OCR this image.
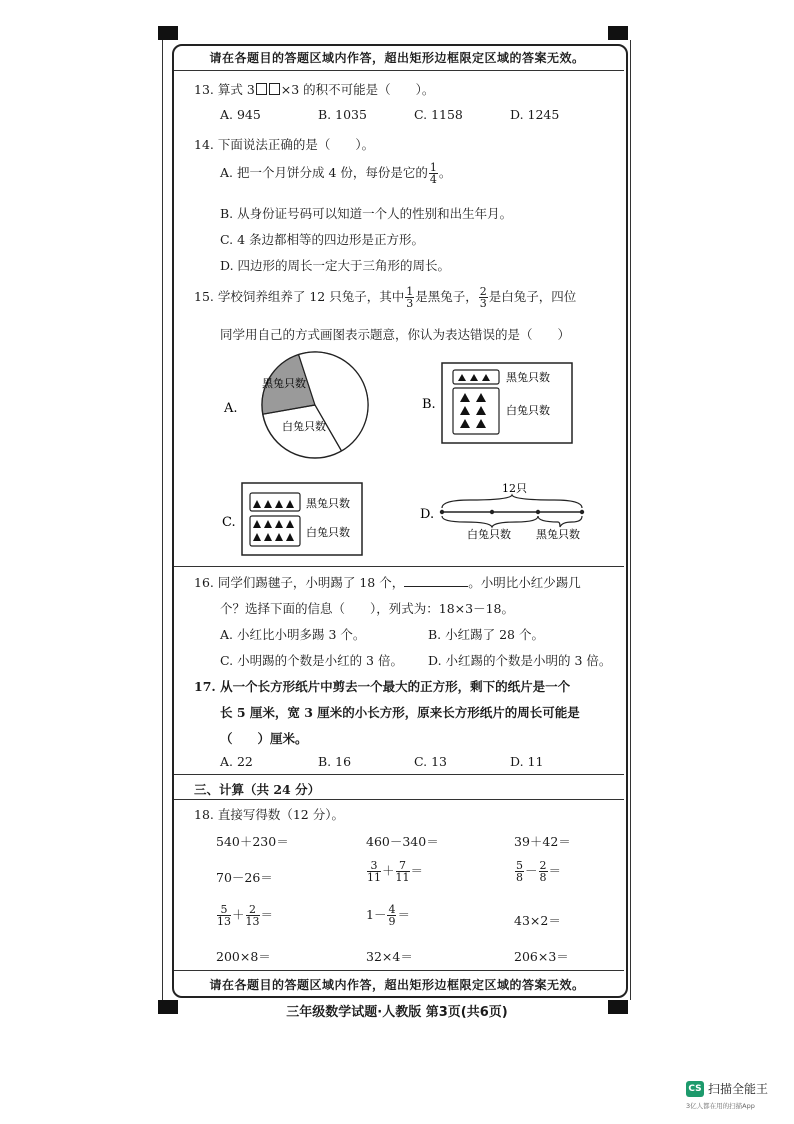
请在各题目的答题区域内作答，超出矩形边框限定区域的答案无效。
13. 算式 3 ×3 的积不可能是（　　）。
A. 945	B. 1035	C. 1158	D. 1245
14. 下面说法正确的是（　　）。
A. 把一个月饼分成 4 份，每份是它的 $\frac{1}{4}$ 。
B. 从身份证号码可以知道一个人的性别和出生年月。
C. 4 条边都相等的四边形是正方形。
D. 四边形的周长一定大于三角形的周长。
15. 学校饲养组养了 12 只兔子，其中 $\frac{1}{3}$ 是黑兔子， $\frac{2}{3}$ 是白兔子，四位
同学用自己的方式画图表示题意，你认为表达错误的是（　　）
A.
黑兔只数
白兔只数
B.
黑兔只数
白兔只数
C.
黑兔只数
白兔只数
D.
12只
白兔只数 黑兔只数
16. 同学们踢毽子，小明踢了 18 个，	。小明比小红少踢几
个？选择下面的信息（　　），列式为：18×3－18。
A. 小红比小明多踢 3 个。	B. 小红踢了 28 个。
C. 小明踢的个数是小红的 3 倍。 D. 小红踢的个数是小明的 3 倍。
17. 从一个长方形纸片中剪去一个最大的正方形，剩下的纸片是一个
长 5 厘米，宽 3 厘米的小长方形，原来长方形纸片的周长可能是
（　　）厘米。
A. 22	B. 16	C. 13	D. 11
三、计算（共 24 分）
18. 直接写得数（12 分）。
540＋230＝	460－340＝	39＋42＝
70－26＝	$\frac{3}{11} + \frac{7}{11}$ ＝	$\frac{5}{8} - \frac{2}{8}$ ＝
$\frac{5}{13} + \frac{2}{13}$ ＝	$1- \frac{4}{9}$ ＝	43×2＝
200×8＝	32×4＝	206×3＝
请在各题目的答题区域内作答，超出矩形边框限定区域的答案无效。
三年级数学试题·人教版 第3页(共6页)
CS 扫描全能王
3亿人都在用的扫描App
